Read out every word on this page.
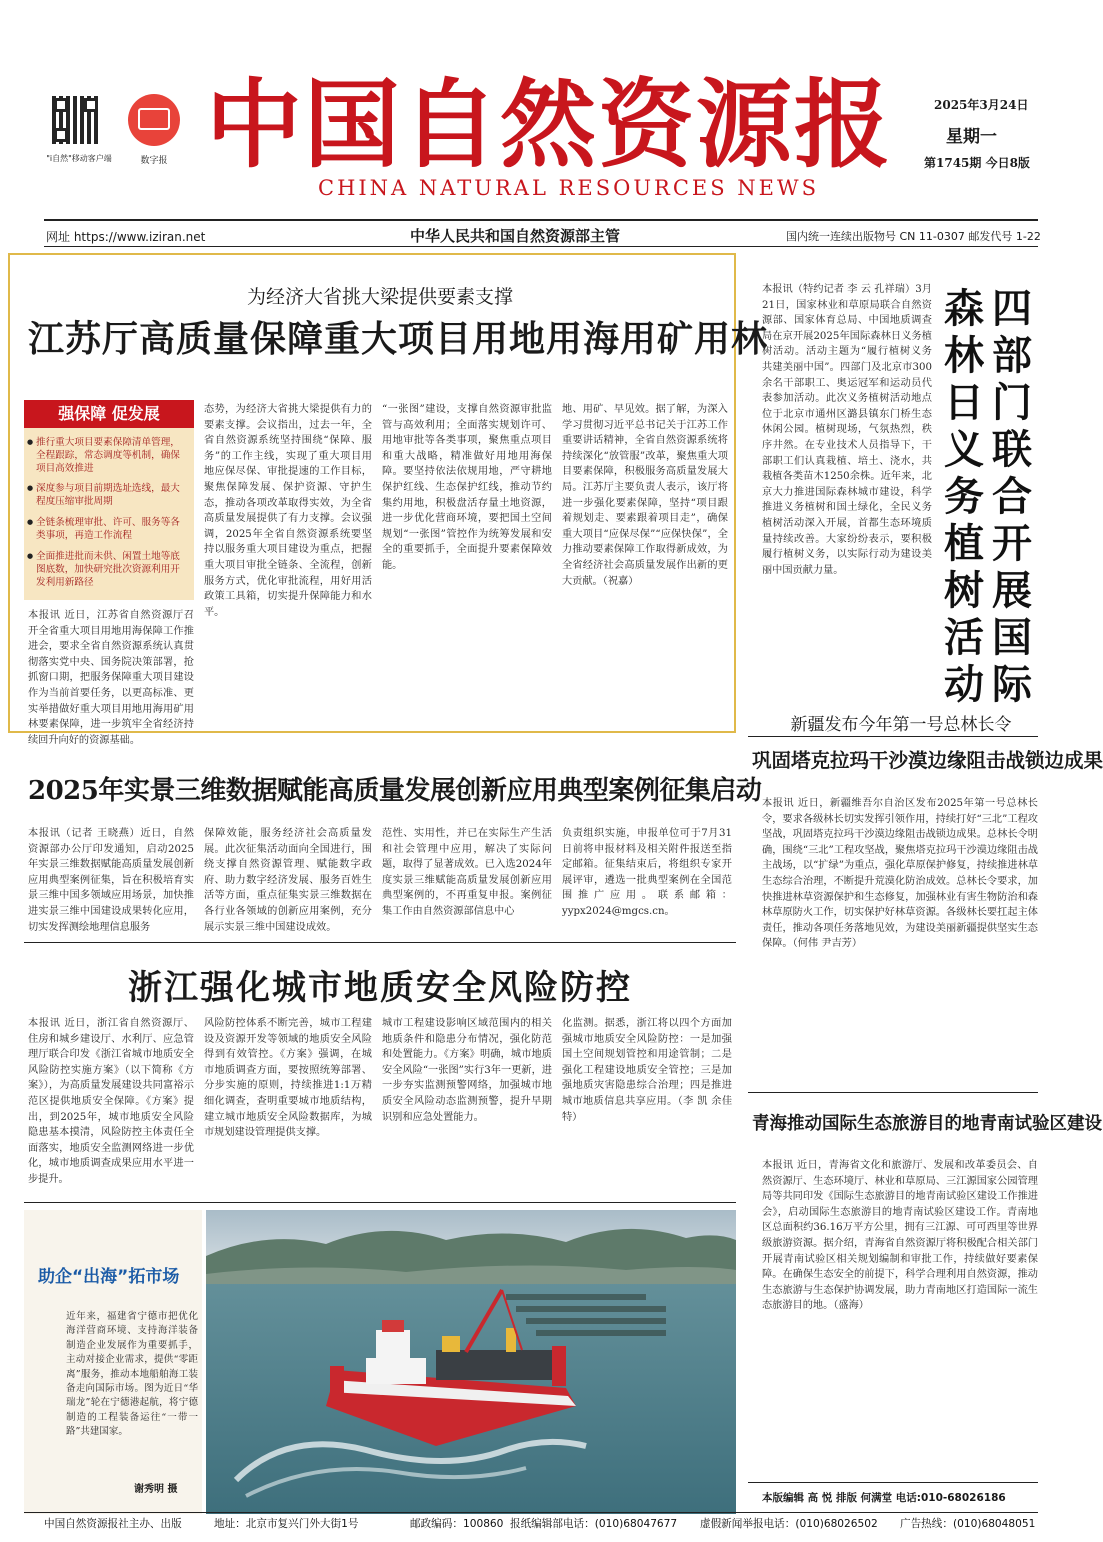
"i自然"移动客户端	数字报 中国自然资源报
CHINA NATURAL RESOURCES NEWS
2025年3月24日
星期一
第1745期 今日8版
网址 https://www.iziran.net	中华人民共和国自然资源部主管	国内统一连续出版物号 CN 11-0307 邮发代号 1-22
为经济大省挑大梁提供要素支撑
江苏厅高质量保障重大项目用地用海用矿用林
强保障 促发展
● 推行重大项目要素保障清单管理，全程跟踪，常态调度等机制，确保项目高效推进
● 深度参与项目前期选址选线，最大程度压缩审批周期
● 全链条梳理审批、许可、服务等各类事项，再造工作流程
● 全面推进批而未供、闲置土地等底图底数，加快研究批次资源利用开发利用新路径
本报讯 近日，江苏省自然资源厅召开全省重大项目用地用海保障工作推进会，要求全省自然资源系统认真贯彻落实党中央、国务院决策部署，抢抓窗口期，把服务保障重大项目建设作为当前首要任务，以更高标准、更实举措做好重大项目用地用海用矿用林要素保障，进一步筑牢全省经济持续回升向好的资源基础。
态势，为经济大省挑大梁提供有力的要素支撑。会议指出，过去一年，全省自然资源系统坚持围绕“保障、服务”的工作主线，实现了重大项目用地应保尽保、审批提速的工作目标，聚焦保障发展、保护资源、守护生态，推动各项改革取得实效，为全省高质量发展提供了有力支撑。会议强调，2025年全省自然资源系统要坚持以服务重大项目建设为重点，把握重大项目审批全链条、全流程，创新服务方式，优化审批流程，用好用活政策工具箱，切实提升保障能力和水平。
“一张图”建设，支撑自然资源审批监管与高效利用；全面落实规划许可、用地审批等各类事项，聚焦重点项目和重大战略，精准做好用地用海保障。要坚持依法依规用地，严守耕地保护红线、生态保护红线，推动节约集约用地，积极盘活存量土地资源，进一步优化营商环境，要把国土空间规划“一张图”管控作为统筹发展和安全的重要抓手，全面提升要素保障效能。
地、用矿、早见效。据了解，为深入学习贯彻习近平总书记关于江苏工作重要讲话精神，全省自然资源系统将持续深化“放管服”改革，聚焦重大项目要素保障，积极服务高质量发展大局。江苏厅主要负责人表示，该厅将进一步强化要素保障，坚持“项目跟着规划走、要素跟着项目走”，确保重大项目“应保尽保”“应保快保”，全力推动要素保障工作取得新成效，为全省经济社会高质量发展作出新的更大贡献。（祝嘉）
四部门联合开展国际
森林日义务植树活动
本报讯（特约记者 李 云 孔祥瑞）3月21日，国家林业和草原局联合自然资源部、国家体育总局、中国地质调查局在京开展2025年国际森林日义务植树活动。活动主题为“履行植树义务 共建美丽中国”。四部门及北京市300余名干部职工、奥运冠军和运动员代表参加活动。此次义务植树活动地点位于北京市通州区潞县镇东门桥生态休闲公园。植树现场，气氛热烈，秩序井然。在专业技术人员指导下，干部职工们认真栽植、培土、浇水，共栽植各类苗木1250余株。近年来，北京大力推进国际森林城市建设，科学推进义务植树和国土绿化，全民义务植树活动深入开展，首都生态环境质量持续改善。大家纷纷表示，要积极履行植树义务，以实际行动为建设美丽中国贡献力量。
新疆发布今年第一号总林长令
巩固塔克拉玛干沙漠边缘阻击战锁边成果
本报讯 近日，新疆维吾尔自治区发布2025年第一号总林长令，要求各级林长切实发挥引领作用，持续打好“三北”工程攻坚战，巩固塔克拉玛干沙漠边缘阻击战锁边成果。总林长令明确，围绕“三北”工程攻坚战，聚焦塔克拉玛干沙漠边缘阻击战主战场，以“扩绿”为重点，强化草原保护修复，持续推进林草生态综合治理，不断提升荒漠化防治成效。总林长令要求，加快推进林草资源保护和生态修复，加强林业有害生物防治和森林草原防火工作，切实保护好林草资源。各级林长要扛起主体责任，推动各项任务落地见效，为建设美丽新疆提供坚实生态保障。（何伟 尹吉芳）
青海推动国际生态旅游目的地青南试验区建设
本报讯 近日，青海省文化和旅游厅、发展和改革委员会、自然资源厅、生态环境厅、林业和草原局、三江源国家公园管理局等共同印发《国际生态旅游目的地青南试验区建设工作推进会》，启动国际生态旅游目的地青南试验区建设工作。青南地区总面积约36.16万平方公里，拥有三江源、可可西里等世界级旅游资源。据介绍，青海省自然资源厅将积极配合相关部门开展青南试验区相关规划编制和审批工作，持续做好要素保障。在确保生态安全的前提下，科学合理利用自然资源，推动生态旅游与生态保护协调发展，助力青南地区打造国际一流生态旅游目的地。（盛海）
本版编辑 高 悦 排版 何满堂 电话:010-68026186
2025年实景三维数据赋能高质量发展创新应用典型案例征集启动
本报讯（记者 王晓燕）近日，自然资源部办公厅印发通知，启动2025年实景三维数据赋能高质量发展创新应用典型案例征集，旨在积极培育实景三维中国多领域应用场景，加快推进实景三维中国建设成果转化应用，切实发挥测绘地理信息服务
保障效能，服务经济社会高质量发展。此次征集活动面向全国进行，围绕支撑自然资源管理、赋能数字政府、助力数字经济发展、服务百姓生活等方面，重点征集实景三维数据在各行业各领域的创新应用案例，充分展示实景三维中国建设成效。
范性、实用性，并已在实际生产生活和社会管理中应用，解决了实际问题，取得了显著成效。已入选2024年度实景三维赋能高质量发展创新应用典型案例的，不再重复申报。案例征集工作由自然资源部信息中心
负责组织实施，申报单位可于7月31日前将申报材料及相关附件报送至指定邮箱。征集结束后，将组织专家开展评审，遴选一批典型案例在全国范围推广应用。联系邮箱：yypx2024@mgcs.cn。
浙江强化城市地质安全风险防控
本报讯 近日，浙江省自然资源厅、住房和城乡建设厅、水利厅、应急管理厅联合印发《浙江省城市地质安全风险防控实施方案》（以下简称《方案》），为高质量发展建设共同富裕示范区提供地质安全保障。《方案》提出，到2025年，城市地质安全风险隐患基本摸清，风险防控主体责任全面落实，地质安全监测网络进一步优化，城市地质调查成果应用水平进一步提升。
风险防控体系不断完善，城市工程建设及资源开发等领域的地质安全风险得到有效管控。《方案》强调，在城市地质调查方面，要按照统筹部署、分步实施的原则，持续推进1:1万精细化调查，查明重要城市地质结构，建立城市地质安全风险数据库，为城市规划建设管理提供支撑。
城市工程建设影响区域范围内的相关地质条件和隐患分布情况，强化防范和处置能力。《方案》明确，城市地质安全风险“一张图”实行3年一更新，进一步夯实监测预警网络，加强城市地质安全风险动态监测预警，提升早期识别和应急处置能力。
化监测。据悉，浙江将以四个方面加强城市地质安全风险防控：一是加强国土空间规划管控和用途管制；二是强化工程建设地质安全管控；三是加强地质灾害隐患综合治理；四是推进城市地质信息共享应用。（李 凯 余佳特）
助企“出海”拓市场
近年来，福建省宁德市把优化海洋营商环境、支持海洋装备制造企业发展作为重要抓手，主动对接企业需求，提供“零距离”服务，推动本地船舶海工装备走向国际市场。图为近日“华瑞龙”轮在宁德港起航，将宁德制造的工程装备运往“一带一路”共建国家。
谢秀明 摄
中国自然资源报社主办、出版	地址：北京市复兴门外大街1号	邮政编码：100860 报纸编辑部电话：(010)68047677 虚假新闻举报电话：(010)68026502 广告热线：(010)68048051
